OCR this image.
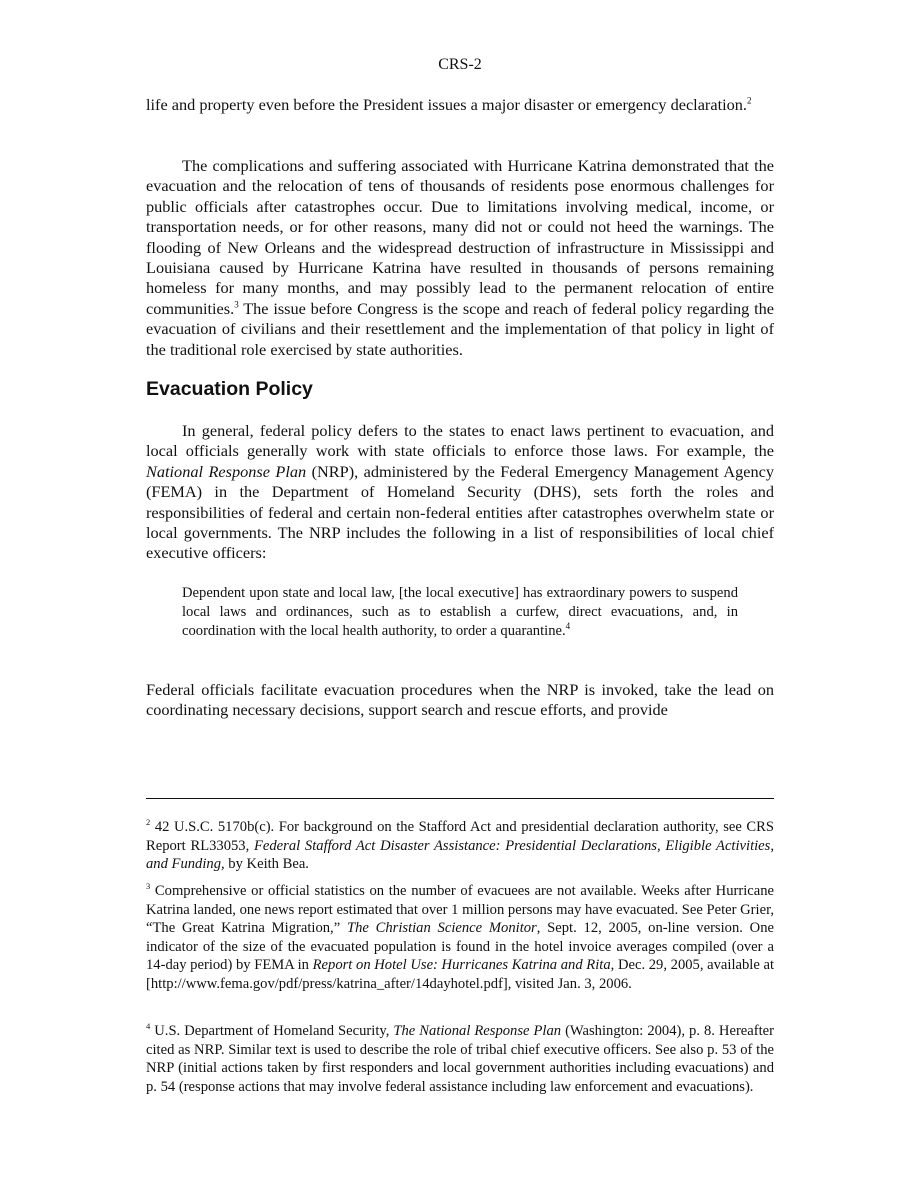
CRS-2

life and property even before the President issues a major disaster or emergency declaration.$^2$

The complications and suffering associated with Hurricane Katrina demonstrated that the evacuation and the relocation of tens of thousands of residents pose enormous challenges for public officials after catastrophes occur. Due to limitations involving medical, income, or transportation needs, or for other reasons, many did not or could not heed the warnings. The flooding of New Orleans and the widespread destruction of infrastructure in Mississippi and Louisiana caused by Hurricane Katrina have resulted in thousands of persons remaining homeless for many months, and may possibly lead to the permanent relocation of entire communities.$^3$ The issue before Congress is the scope and reach of federal policy regarding the evacuation of civilians and their resettlement and the implementation of that policy in light of the traditional role exercised by state authorities.

Evacuation Policy

In general, federal policy defers to the states to enact laws pertinent to evacuation, and local officials generally work with state officials to enforce those laws. For example, the National Response Plan (NRP), administered by the Federal Emergency Management Agency (FEMA) in the Department of Homeland Security (DHS), sets forth the roles and responsibilities of federal and certain non-federal entities after catastrophes overwhelm state or local governments. The NRP includes the following in a list of responsibilities of local chief executive officers:

Dependent upon state and local law, [the local executive] has extraordinary powers to suspend local laws and ordinances, such as to establish a curfew, direct evacuations, and, in coordination with the local health authority, to order a quarantine.$^4$

Federal officials facilitate evacuation procedures when the NRP is invoked, take the lead on coordinating necessary decisions, support search and rescue efforts, and provide

$^2$ 42 U.S.C. 5170b(c). For background on the Stafford Act and presidential declaration authority, see CRS Report RL33053, Federal Stafford Act Disaster Assistance: Presidential Declarations, Eligible Activities, and Funding, by Keith Bea.

$^3$ Comprehensive or official statistics on the number of evacuees are not available. Weeks after Hurricane Katrina landed, one news report estimated that over 1 million persons may have evacuated. See Peter Grier, “The Great Katrina Migration,” The Christian Science Monitor, Sept. 12, 2005, on-line version. One indicator of the size of the evacuated population is found in the hotel invoice averages compiled (over a 14-day period) by FEMA in Report on Hotel Use: Hurricanes Katrina and Rita, Dec. 29, 2005, available at [http://www.fema.gov/pdf/press/katrina_after/14dayhotel.pdf], visited Jan. 3, 2006.

$^4$ U.S. Department of Homeland Security, The National Response Plan (Washington: 2004), p. 8. Hereafter cited as NRP. Similar text is used to describe the role of tribal chief executive officers. See also p. 53 of the NRP (initial actions taken by first responders and local government authorities including evacuations) and p. 54 (response actions that may involve federal assistance including law enforcement and evacuations).
